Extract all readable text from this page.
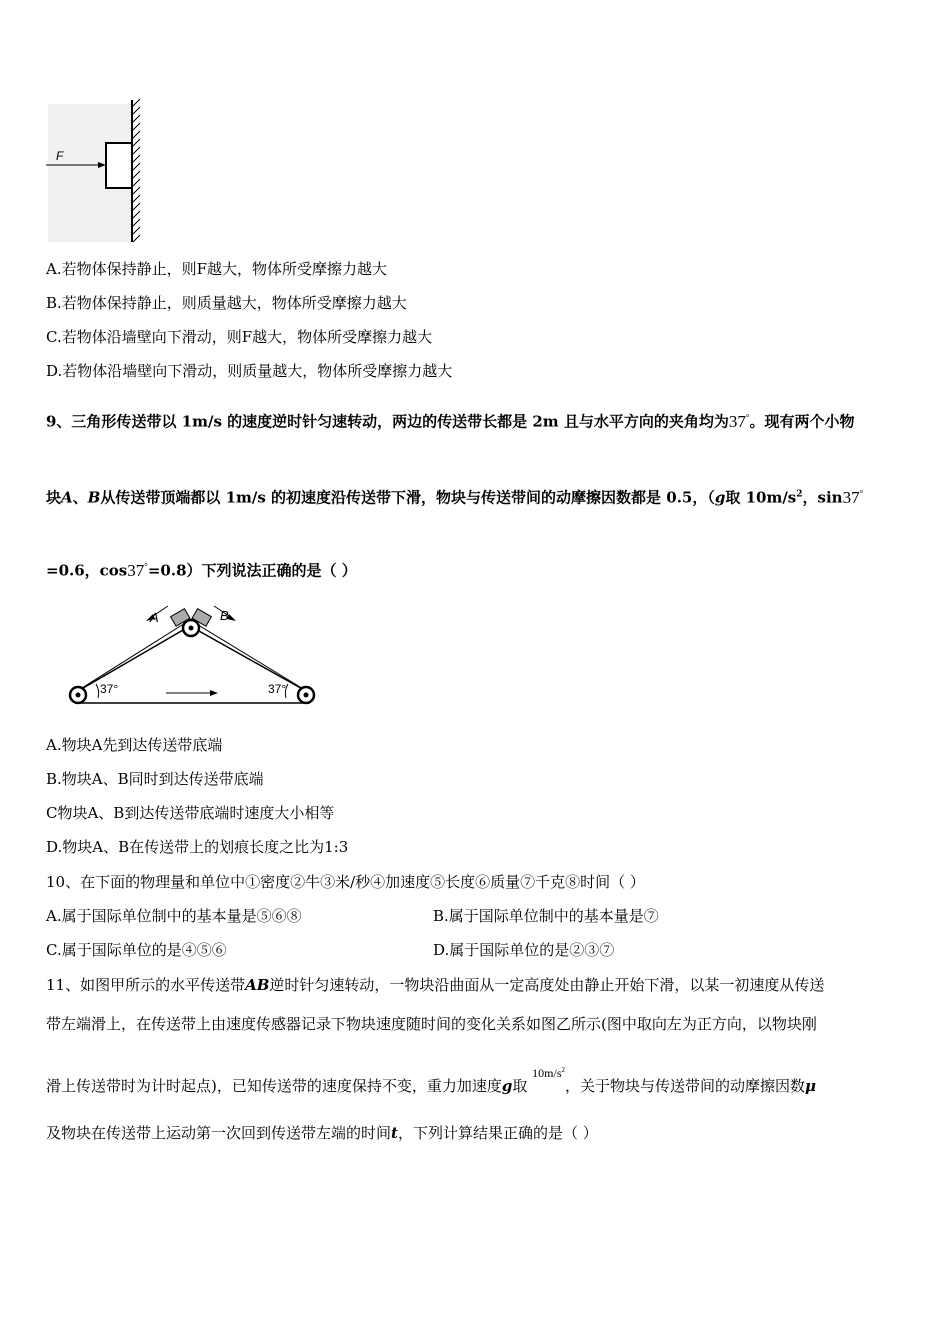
F
A.若物体保持静止，则F越大，物体所受摩擦力越大
B.若物体保持静止，则质量越大，物体所受摩擦力越大
C.若物体沿墙壁向下滑动，则F越大，物体所受摩擦力越大
D.若物体沿墙壁向下滑动，则质量越大，物体所受摩擦力越大
9、三角形传送带以 1m/s 的速度逆时针匀速转动，两边的传送带长都是 2m 且与水平方向的夹角均为37°。现有两个小物
块A、B从传送带顶端都以 1m/s 的初速度沿传送带下滑，物块与传送带间的动摩擦因数都是 0.5，（g取 $10m/s^2$，sin37°
=0.6，cos37°=0.8）下列说法正确的是（ ）
A	B
37°	37°
A.物块A先到达传送带底端
B.物块A、B同时到达传送带底端
C物块A、B到达传送带底端时速度大小相等
D.物块A、B在传送带上的划痕长度之比为1:3
10、在下面的物理量和单位中①密度②牛③米/秒④加速度⑤长度⑥质量⑦千克⑧时间（ ）
A.属于国际单位制中的基本量是⑤⑥⑧	B.属于国际单位制中的基本量是⑦
C.属于国际单位的是④⑤⑥	D.属于国际单位的是②③⑦
11、如图甲所示的水平传送带AB逆时针匀速转动，一物块沿曲面从一定高度处由静止开始下滑，以某一初速度从传送
带左端滑上，在传送带上由速度传感器记录下物块速度随时间的变化关系如图乙所示(图中取向左为正方向，以物块刚
滑上传送带时为计时起点)，已知传送带的速度保持不变，重力加速度g取 $10m/s^2$，关于物块与传送带间的动摩擦因数μ
及物块在传送带上运动第一次回到传送带左端的时间t，下列计算结果正确的是（ ）
